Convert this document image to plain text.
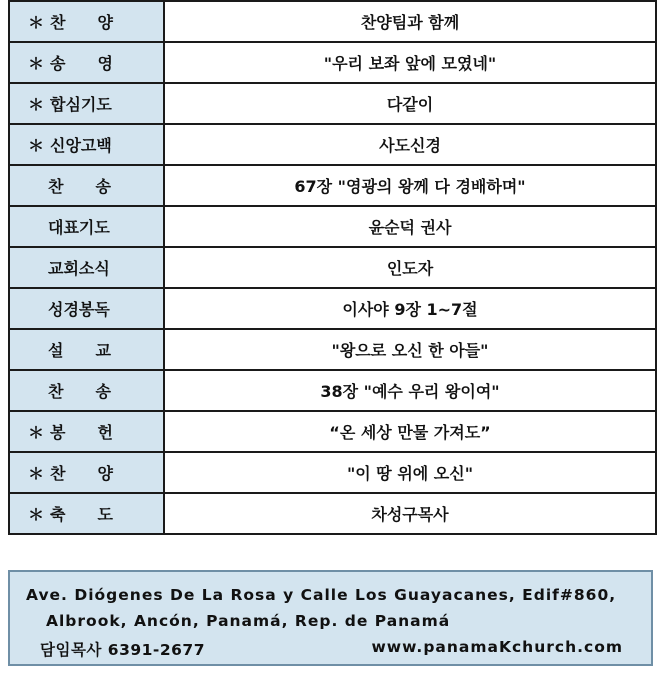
＊ 찬　　양	찬양팀과 함께
＊ 송　　영	"우리 보좌 앞에 모였네"
＊ 합심기도	다같이
＊ 신앙고백	사도신경
찬　　송	67장 "영광의 왕께 다 경배하며"
대표기도	윤순덕 권사
교회소식	인도자
성경봉독	이사야 9장 1~7절
설　　교	"왕으로 오신 한 아들"
찬　　송	38장 "예수 우리 왕이여"
＊ 봉　　헌	“온 세상 만물 가져도”
＊ 찬　　양	"이 땅 위에 오신"
＊ 축　　도	차성구목사
Ave. Diógenes De La Rosa y Calle Los Guayacanes, Edif#860,
Albrook, Ancón, Panamá, Rep. de Panamá
담임목사 6391-2677	www.panamaKchurch.com
